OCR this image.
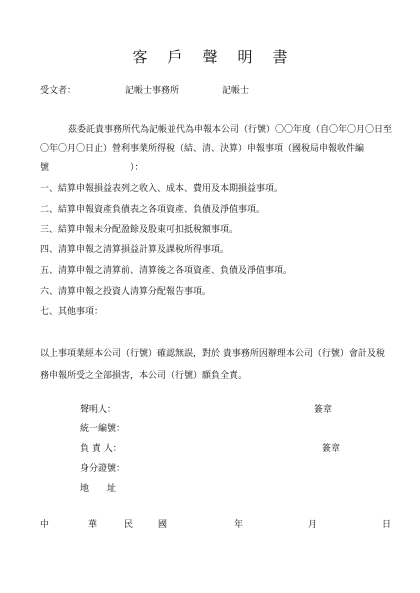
客戶聲明書
受文者：	記帳士事務所	記帳士
茲委託貴事務所代為記帳並代為申報本公司（行號）〇〇年度（自〇年〇月〇日至〇年〇月〇日止）營利事業所得稅（結、清、決算）申報事項（國稅局申報收件編號　　　　　　　　　）：
一、結算申報損益表列之收入、成本、費用及本期損益事項。
二、結算申報資產負債表之各項資產、負債及淨值事項。
三、結算申報未分配盈餘及股東可扣抵稅額事項。
四、清算申報之清算損益計算及課稅所得事項。
五、清算申報之清算前、清算後之各項資產、負債及淨值事項。
六、清算申報之投資人清算分配報告事項。
七、其他事項：
以上事項業經本公司（行號）確認無誤，對於 貴事務所因辦理本公司（行號）會計及稅務申報所受之全部損害，本公司（行號）願負全責。
聲明人：	簽章
統一編號：
負 責 人：	簽章
身分證號：
地　　址
中	華	民	國	年	月	日
